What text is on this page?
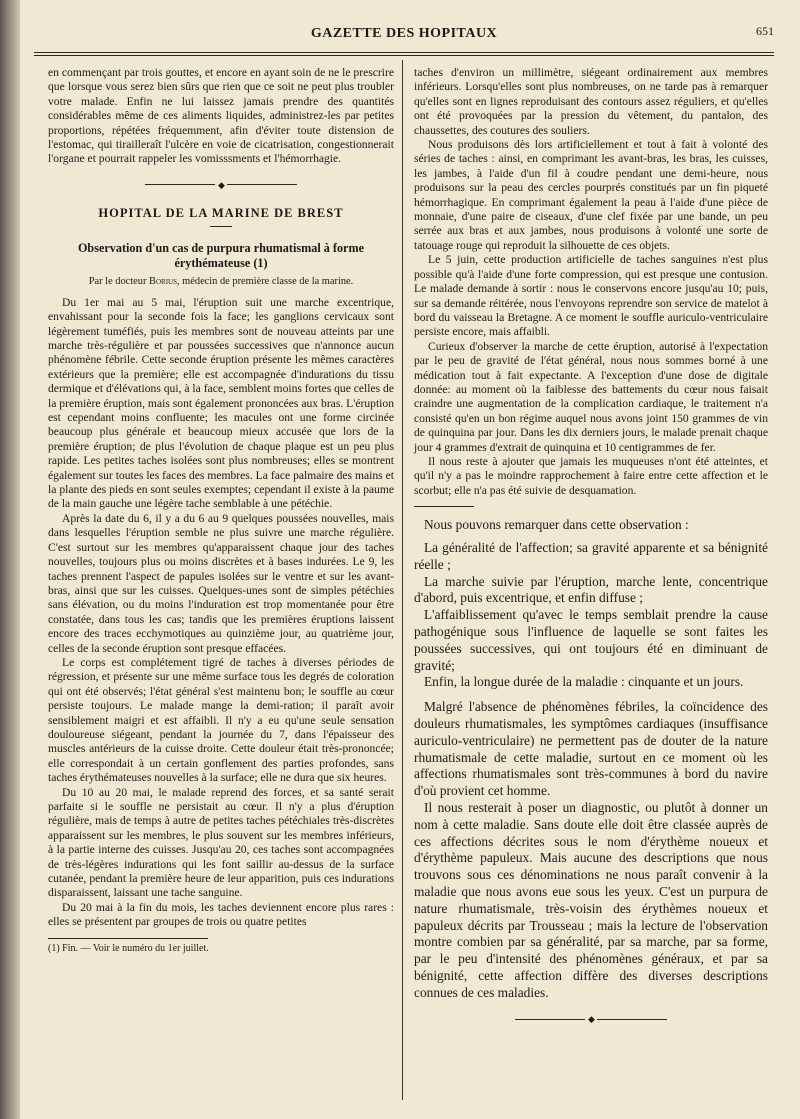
GAZETTE DES HOPITAUX	651

en commençant par trois gouttes, et encore en ayant soin de ne le prescrire que lorsque vous serez bien sûrs que rien que ce soit ne peut plus troubler votre malade. Enfin ne lui laissez jamais prendre des quantités considérables même de ces aliments liquides, administrez-les par petites proportions, répétées fréquemment, afin d'éviter toute distension de l'estomac, qui tirailleraît l'ulcère en voie de cicatrisation, congestionnerait l'organe et pourrait rappeler les vomisssments et l'hémorrhagie.

◆
HOPITAL DE LA MARINE DE BREST
Observation d'un cas de purpura rhumatismal à forme érythémateuse (1)
Par le docteur Borius, médecin de première classe de la marine.

Du 1er mai au 5 mai, l'éruption suit une marche excentrique, envahissant pour la seconde fois la face; les ganglions cervicaux sont légèrement tuméfiés, puis les membres sont de nouveau atteints par une marche très-régulière et par poussées successives que n'annonce aucun phénomène fébrile. Cette seconde éruption présente les mêmes caractères extérieurs que la première; elle est accompagnée d'indurations du tissu dermique et d'élévations qui, à la face, semblent moins fortes que celles de la première éruption, mais sont également prononcées aux bras. L'éruption est cependant moins confluente; les macules ont une forme circinée beaucoup plus générale et beaucoup mieux accusée que lors de la première éruption; de plus l'évolution de chaque plaque est un peu plus rapide. Les petites taches isolées sont plus nombreuses; elles se montrent également sur toutes les faces des membres. La face palmaire des mains et la plante des pieds en sont seules exemptes; cependant il existe à la paume de la main gauche une légère tache semblable à une pétéchie.

Après la date du 6, il y a du 6 au 9 quelques poussées nouvelles, mais dans lesquelles l'éruption semble ne plus suivre une marche régulière. C'est surtout sur les membres qu'apparaissent chaque jour des taches nouvelles, toujours plus ou moins discrètes et à bases indurées. Le 9, les taches prennent l'aspect de papules isolées sur le ventre et sur les avant-bras, ainsi que sur les cuisses. Quelques-unes sont de simples pétéchies sans élévation, ou du moins l'induration est trop momentanée pour être constatée, dans tous les cas; tandis que les premières éruptions laissent encore des traces ecchymotiques au quinzième jour, au quatrième jour, celles de la seconde éruption sont presque effacées.

Le corps est complétement tigré de taches à diverses périodes de régression, et présente sur une même surface tous les degrés de coloration qui ont été observés; l'état général s'est maintenu bon; le souffle au cœur persiste toujours. Le malade mange la demi-ration; il paraît avoir sensiblement maigri et est affaibli. Il n'y a eu qu'une seule sensation douloureuse siégeant, pendant la journée du 7, dans l'épaisseur des muscles antérieurs de la cuisse droite. Cette douleur était très-prononcée; elle correspondait à un certain gonflement des parties profondes, sans taches érythémateuses nouvelles à la surface; elle ne dura que six heures.

Du 10 au 20 mai, le malade reprend des forces, et sa santé serait parfaite si le souffle ne persistait au cœur. Il n'y a plus d'éruption régulière, mais de temps à autre de petites taches pétéchiales très-discrètes apparaissent sur les membres, le plus souvent sur les membres inférieurs, à la partie interne des cuisses. Jusqu'au 20, ces taches sont accompagnées de très-légères indurations qui les font saillir au-dessus de la surface cutanée, pendant la première heure de leur apparition, puis ces indurations disparaissent, laissant une tache sanguine.

Du 20 mai à la fin du mois, les taches deviennent encore plus rares : elles se présentent par groupes de trois ou quatre petites

(1) Fin. — Voir le numéro du 1er juillet.

taches d'environ un millimètre, siégeant ordinairement aux membres inférieurs. Lorsqu'elles sont plus nombreuses, on ne tarde pas à remarquer qu'elles sont en lignes reproduisant des contours assez réguliers, et qu'elles ont été provoquées par la pression du vêtement, du pantalon, des chaussettes, des coutures des souliers.

Nous produisons dès lors artificiellement et tout à fait à volonté des séries de taches : ainsi, en comprimant les avant-bras, les bras, les cuisses, les jambes, à l'aide d'un fil à coudre pendant une demi-heure, nous produisons sur la peau des cercles pourprés constitués par un fin piqueté hémorrhagique. En comprimant également la peau à l'aide d'une pièce de monnaie, d'une paire de ciseaux, d'une clef fixée par une bande, un peu serrée aux bras et aux jambes, nous produisons à volonté une sorte de tatouage rouge qui reproduit la silhouette de ces objets.

Le 5 juin, cette production artificielle de taches sanguines n'est plus possible qu'à l'aide d'une forte compression, qui est presque une contusion. Le malade demande à sortir : nous le conservons encore jusqu'au 10; puis, sur sa demande réitérée, nous l'envoyons reprendre son service de matelot à bord du vaisseau la Bretagne. A ce moment le souffle auriculo-ventriculaire persiste encore, mais affaibli.

Curieux d'observer la marche de cette éruption, autorisé à l'expectation par le peu de gravité de l'état général, nous nous sommes borné à une médication tout à fait expectante. A l'exception d'une dose de digitale donnée: au moment où la faiblesse des battements du cœur nous faisait craindre une augmentation de la complication cardiaque, le traitement n'a consisté qu'en un bon régime auquel nous avons joint 150 grammes de vin de quinquina par jour. Dans les dix derniers jours, le malade prenait chaque jour 4 grammes d'extrait de quinquina et 10 centigrammes de fer.

Il nous reste à ajouter que jamais les muqueuses n'ont été atteintes, et qu'il n'y a pas le moindre rapprochement à faire entre cette affection et le scorbut; elle n'a pas été suivie de desquamation.

Nous pouvons remarquer dans cette observation :

La généralité de l'affection; sa gravité apparente et sa bénignité réelle ;

La marche suivie par l'éruption, marche lente, concentrique d'abord, puis excentrique, et enfin diffuse ;

L'affaiblissement qu'avec le temps semblait prendre la cause pathogénique sous l'influence de laquelle se sont faites les poussées successives, qui ont toujours été en diminuant de gravité;

Enfin, la longue durée de la maladie : cinquante et un jours.

Malgré l'absence de phénomènes fébriles, la coïncidence des douleurs rhumatismales, les symptômes cardiaques (insuffisance auriculo-ventriculaire) ne permettent pas de douter de la nature rhumatismale de cette maladie, surtout en ce moment où les affections rhumatismales sont très-communes à bord du navire d'où provient cet homme.

Il nous resterait à poser un diagnostic, ou plutôt à donner un nom à cette maladie. Sans doute elle doit être classée auprès de ces affections décrites sous le nom d'érythème noueux et d'érythème papuleux. Mais aucune des descriptions que nous trouvons sous ces dénominations ne nous paraît convenir à la maladie que nous avons eue sous les yeux. C'est un purpura de nature rhumatismale, très-voisin des érythèmes noueux et papuleux décrits par Trousseau ; mais la lecture de l'observation montre combien par sa généralité, par sa marche, par sa forme, par le peu d'intensité des phénomènes généraux, et par sa bénignité, cette affection diffère des diverses descriptions connues de ces maladies.

◆
